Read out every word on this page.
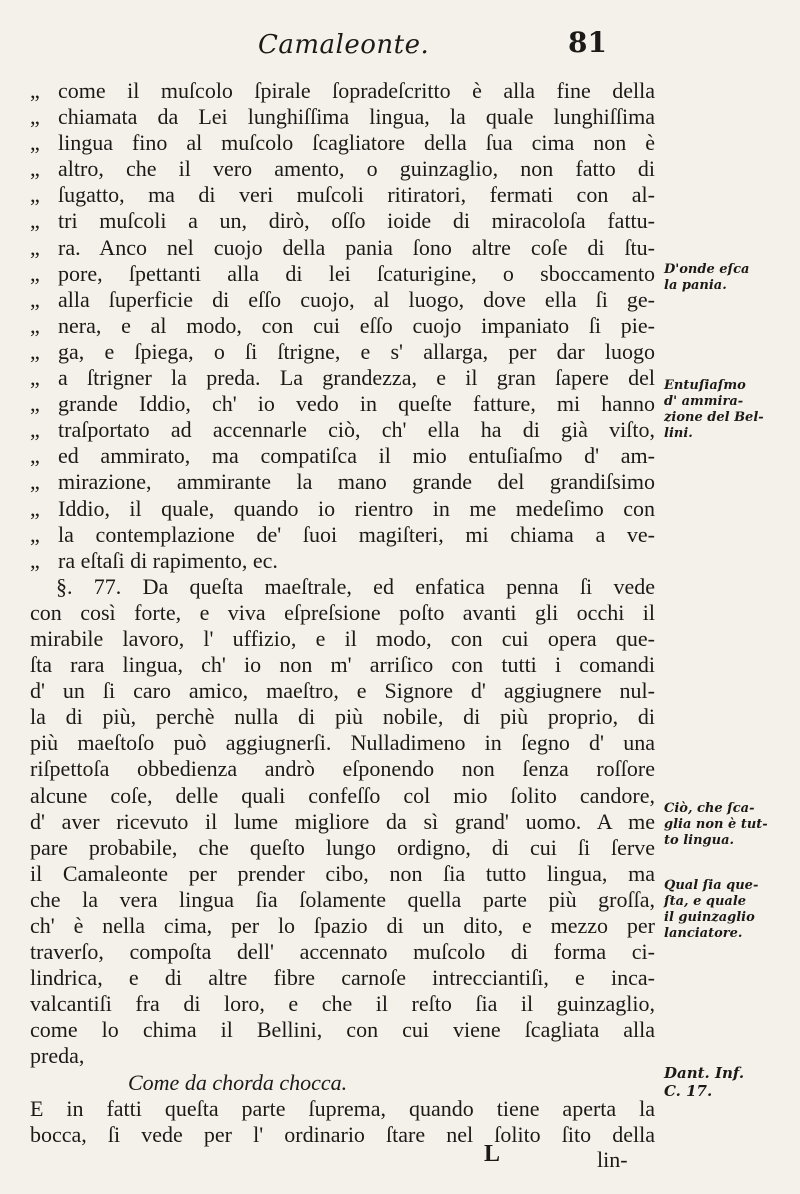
Camaleonte.	81
„ come il muſcolo ſpirale ſopradeſcritto è alla fine della
„ chiamata da Lei lunghiſſima lingua, la quale lunghiſſima
„ lingua fino al muſcolo ſcagliatore della ſua cima non è
„ altro, che il vero amento, o guinzaglio, non fatto di
„ ſugatto, ma di veri muſcoli ritiratori, fermati con al-
„ tri muſcoli a un, dirò, oſſo ioide di miracoloſa fattu-
„ ra. Anco nel cuojo della pania ſono altre coſe di ſtu-
„ pore, ſpettanti alla di lei ſcaturigine, o sboccamento
„ alla ſuperficie di eſſo cuojo, al luogo, dove ella ſi ge-
„ nera, e al modo, con cui eſſo cuojo impaniato ſi pie-
„ ga, e ſpiega, o ſi ſtrigne, e s' allarga, per dar luogo
„ a ſtrigner la preda. La grandezza, e il gran ſapere del
„ grande Iddio, ch' io vedo in queſte fatture, mi hanno
„ traſportato ad accennarle ciò, ch' ella ha di già viſto,
„ ed ammirato, ma compatiſca il mio entuſiaſmo d' am-
„ mirazione, ammirante la mano grande del grandiſsimo
„ Iddio, il quale, quando io rientro in me medeſimo con
„ la contemplazione de' ſuoi magiſteri, mi chiama a ve-
„ ra eſtaſi di rapimento, ec.
§. 77. Da queſta maeſtrale, ed enfatica penna ſi vede
con così forte, e viva eſpreſsione poſto avanti gli occhi il
mirabile lavoro, l' uffizio, e il modo, con cui opera que-
ſta rara lingua, ch' io non m' arriſico con tutti i comandi
d' un ſi caro amico, maeſtro, e Signore d' aggiugnere nul-
la di più, perchè nulla di più nobile, di più proprio, di
più maeſtoſo può aggiugnerſi. Nulladimeno in ſegno d' una
riſpettoſa obbedienza andrò eſponendo non ſenza roſſore
alcune coſe, delle quali confeſſo col mio ſolito candore,
d' aver ricevuto il lume migliore da sì grand' uomo. A me
pare probabile, che queſto lungo ordigno, di cui ſi ſerve
il Camaleonte per prender cibo, non ſia tutto lingua, ma
che la vera lingua ſia ſolamente quella parte più groſſa,
ch' è nella cima, per lo ſpazio di un dito, e mezzo per
traverſo, compoſta dell' accennato muſcolo di forma ci-
lindrica, e di altre fibre carnoſe intrecciantiſi, e inca-
valcantiſi fra di loro, e che il reſto ſia il guinzaglio,
come lo chima il Bellini, con cui viene ſcagliata alla
preda,
Come da chorda chocca.
E in fatti queſta parte ſuprema, quando tiene aperta la
bocca, ſi vede per l' ordinario ſtare nel ſolito ſito della
D'onde eſca
la pania.
Entuſiaſmo
d' ammira-
zione del Bel-
lini.
Ciò, che ſca-
glia non è tut-
to lingua.
Qual ſia que-
ſta, e quale
il guinzaglio
lanciatore.
Dant. Inf.
C. 17.
L	lin-
